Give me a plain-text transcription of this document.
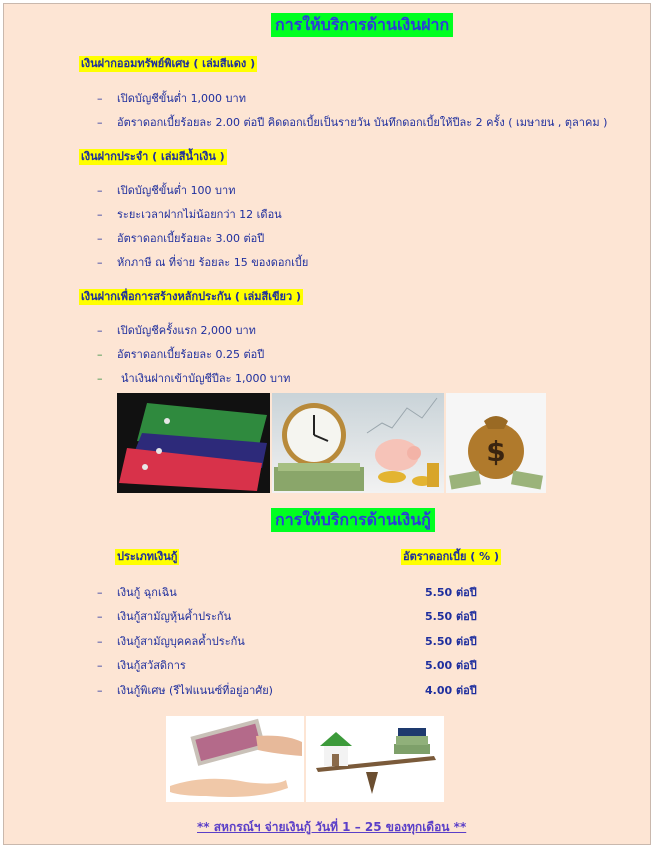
การให้บริการด้านเงินฝาก
เงินฝากออมทรัพย์พิเศษ ( เล่มสีแดง )
– เปิดบัญชีขั้นต่ำ 1,000 บาท
– อัตราดอกเบี้ยร้อยละ 2.00 ต่อปี คิดดอกเบี้ยเป็นรายวัน บันทึกดอกเบี้ยให้ปีละ 2 ครั้ง ( เมษายน , ตุลาคม )
เงินฝากประจำ ( เล่มสีน้ำเงิน )
– เปิดบัญชีขั้นต่ำ 100 บาท
– ระยะเวลาฝากไม่น้อยกว่า 12 เดือน
– อัตราดอกเบี้ยร้อยละ 3.00 ต่อปี
– หักภาษี ณ ที่จ่าย ร้อยละ 15 ของดอกเบี้ย
เงินฝากเพื่อการสร้างหลักประกัน ( เล่มสีเขียว )
– เปิดบัญชีครั้งแรก 2,000 บาท
– อัตราดอกเบี้ยร้อยละ 0.25 ต่อปี
– นำเงินฝากเข้าบัญชีปีละ 1,000 บาท
$
การให้บริการด้านเงินกู้
ประเภทเงินกู้	อัตราดอกเบี้ย ( % )
– เงินกู้ ฉุกเฉิน	5.50 ต่อปี
– เงินกู้สามัญหุ้นค้ำประกัน	5.50 ต่อปี
– เงินกู้สามัญบุคคลค้ำประกัน	5.50 ต่อปี
– เงินกู้สวัสดิการ	5.00 ต่อปี
– เงินกู้พิเศษ (รีไฟแนนซ์ที่อยู่อาศัย)	4.00 ต่อปี
** สหกรณ์ฯ จ่ายเงินกู้ วันที่ 1 – 25 ของทุกเดือน **
